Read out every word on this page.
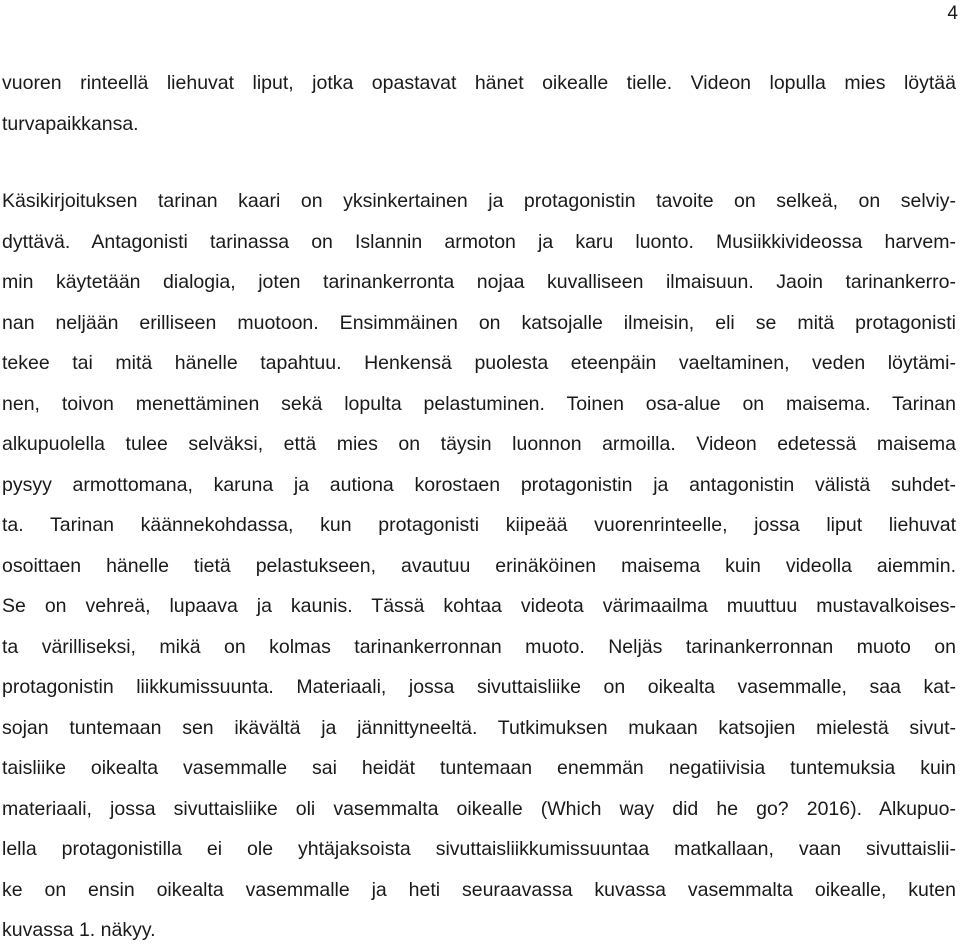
4
vuoren rinteellä liehuvat liput, jotka opastavat hänet oikealle tielle. Videon lopulla mies löytää
turvapaikkansa.
Käsikirjoituksen tarinan kaari on yksinkertainen ja protagonistin tavoite on selkeä, on selviy-
dyttävä. Antagonisti tarinassa on Islannin armoton ja karu luonto. Musiikkivideossa harvem-
min käytetään dialogia, joten tarinankerronta nojaa kuvalliseen ilmaisuun. Jaoin tarinankerro-
nan neljään erilliseen muotoon. Ensimmäinen on katsojalle ilmeisin, eli se mitä protagonisti
tekee tai mitä hänelle tapahtuu. Henkensä puolesta eteenpäin vaeltaminen, veden löytämi-
nen, toivon menettäminen sekä lopulta pelastuminen. Toinen osa-alue on maisema. Tarinan
alkupuolella tulee selväksi, että mies on täysin luonnon armoilla. Videon edetessä maisema
pysyy armottomana, karuna ja autiona korostaen protagonistin ja antagonistin välistä suhdet-
ta. Tarinan käännekohdassa, kun protagonisti kiipeää vuorenrinteelle, jossa liput liehuvat
osoittaen hänelle tietä pelastukseen, avautuu erinäköinen maisema kuin videolla aiemmin.
Se on vehreä, lupaava ja kaunis. Tässä kohtaa videota värimaailma muuttuu mustavalkoises-
ta värilliseksi, mikä on kolmas tarinankerronnan muoto. Neljäs tarinankerronnan muoto on
protagonistin liikkumissuunta. Materiaali, jossa sivuttaisliike on oikealta vasemmalle, saa kat-
sojan tuntemaan sen ikävältä ja jännittyneeltä. Tutkimuksen mukaan katsojien mielestä sivut-
taisliike oikealta vasemmalle sai heidät tuntemaan enemmän negatiivisia tuntemuksia kuin
materiaali, jossa sivuttaisliike oli vasemmalta oikealle (Which way did he go? 2016). Alkupuo-
lella protagonistilla ei ole yhtäjaksoista sivuttaisliikkumissuuntaa matkallaan, vaan sivuttaislii-
ke on ensin oikealta vasemmalle ja heti seuraavassa kuvassa vasemmalta oikealle, kuten
kuvassa 1. näkyy.
